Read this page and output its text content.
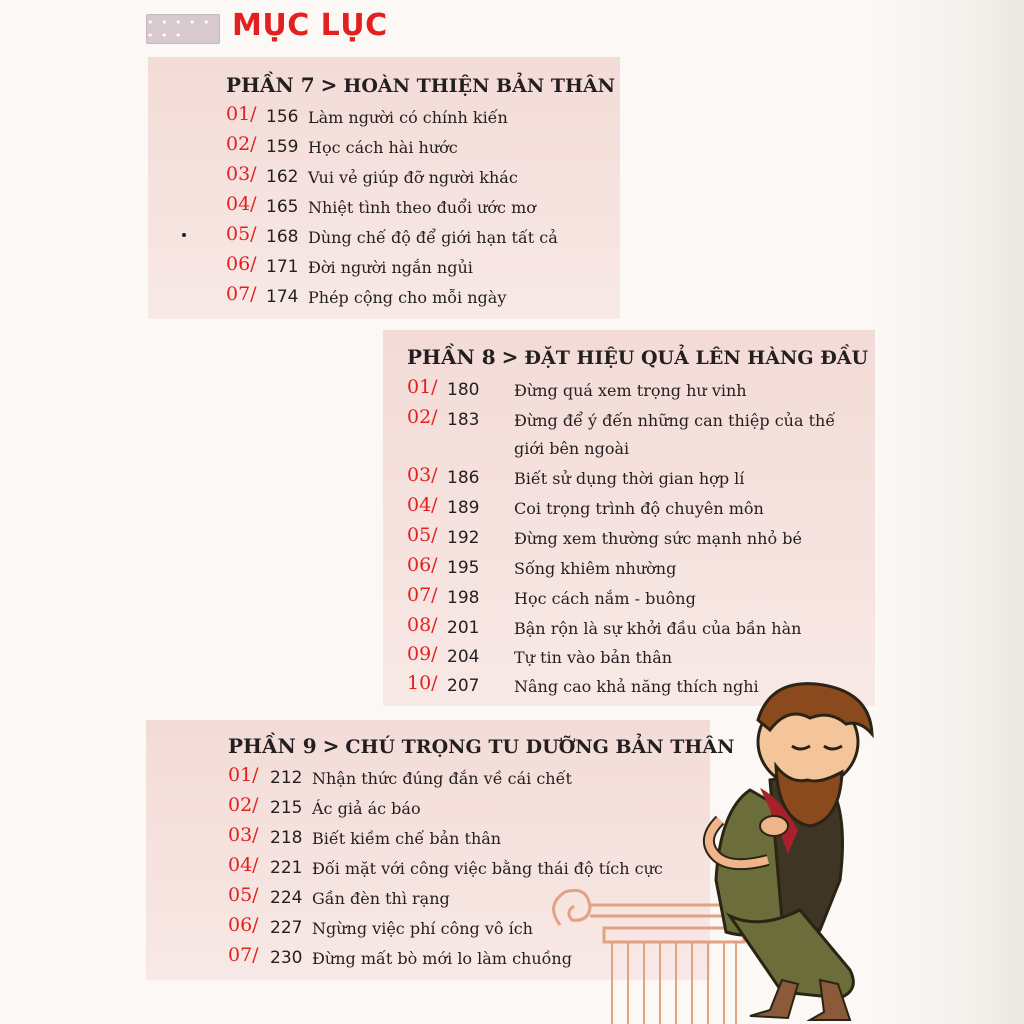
• • • • • • • •	MỤC LỤC
PHẦN 7 > HOÀN THIỆN BẢN THÂN
01/ 156 Làm người có chính kiến
02/ 159 Học cách hài hước
03/ 162 Vui vẻ giúp đỡ người khác
04/ 165 Nhiệt tình theo đuổi ước mơ
05/ 168 Dùng chế độ để giới hạn tất cả
06/ 171 Đời người ngắn ngủi
07/ 174 Phép cộng cho mỗi ngày
PHẦN 8 > ĐẶT HIỆU QUẢ LÊN HÀNG ĐẦU
01/ 180 Đừng quá xem trọng hư vinh
02/ 183 Đừng để ý đến những can thiệp của thế
giới bên ngoài
03/ 186 Biết sử dụng thời gian hợp lí
04/ 189 Coi trọng trình độ chuyên môn
05/ 192 Đừng xem thường sức mạnh nhỏ bé
06/ 195 Sống khiêm nhường
07/ 198 Học cách nắm - buông
08/ 201 Bận rộn là sự khởi đầu của bần hàn
09/ 204 Tự tin vào bản thân
10/ 207 Nâng cao khả năng thích nghi
PHẦN 9 > CHÚ TRỌNG TU DƯỠNG BẢN THÂN
01/ 212 Nhận thức đúng đắn về cái chết
02/ 215 Ác giả ác báo
03/ 218 Biết kiềm chế bản thân
04/ 221 Đối mặt với công việc bằng thái độ tích cực
05/ 224 Gần đèn thì rạng
06/ 227 Ngừng việc phí công vô ích
07/ 230 Đừng mất bò mới lo làm chuồng
